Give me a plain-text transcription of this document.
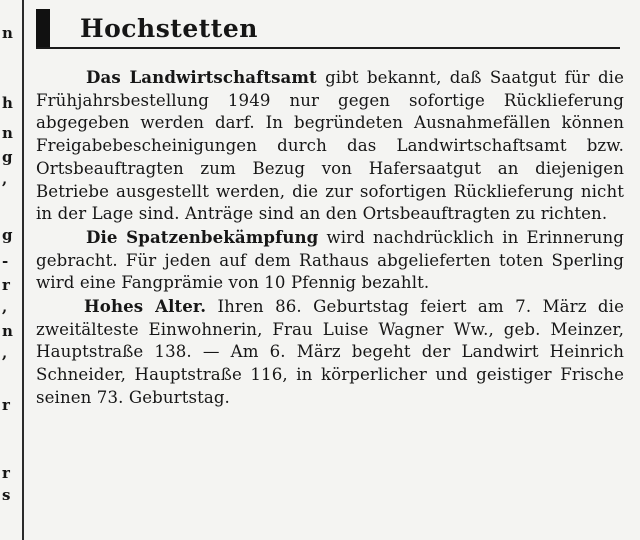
n
h
n
g
,
g
-
r
,
n
,
r
r
s
Hochstetten

Das Landwirtschaftsamt gibt bekannt, daß Saatgut für die Frühjahrsbestellung 1949 nur gegen sofortige Rücklieferung abgegeben werden darf. In begründeten Ausnahmefällen können Freigabebescheinigungen durch das Landwirtschaftsamt bzw. Ortsbeauftragten zum Bezug von Hafersaatgut an diejenigen Betriebe ausgestellt werden, die zur sofortigen Rücklieferung nicht in der Lage sind. Anträge sind an den Ortsbeauftragten zu richten.

Die Spatzenbekämpfung wird nachdrücklich in Erinnerung gebracht. Für jeden auf dem Rathaus abgelieferten toten Sperling wird eine Fangprämie von 10 Pfennig bezahlt.

Hohes Alter. Ihren 86. Geburtstag feiert am 7. März die zweitälteste Einwohnerin, Frau Luise Wagner Ww., geb. Meinzer, Hauptstraße 138. — Am 6. März begeht der Landwirt Heinrich Schneider, Hauptstraße 116, in körperlicher und geistiger Frische seinen 73. Geburtstag.
